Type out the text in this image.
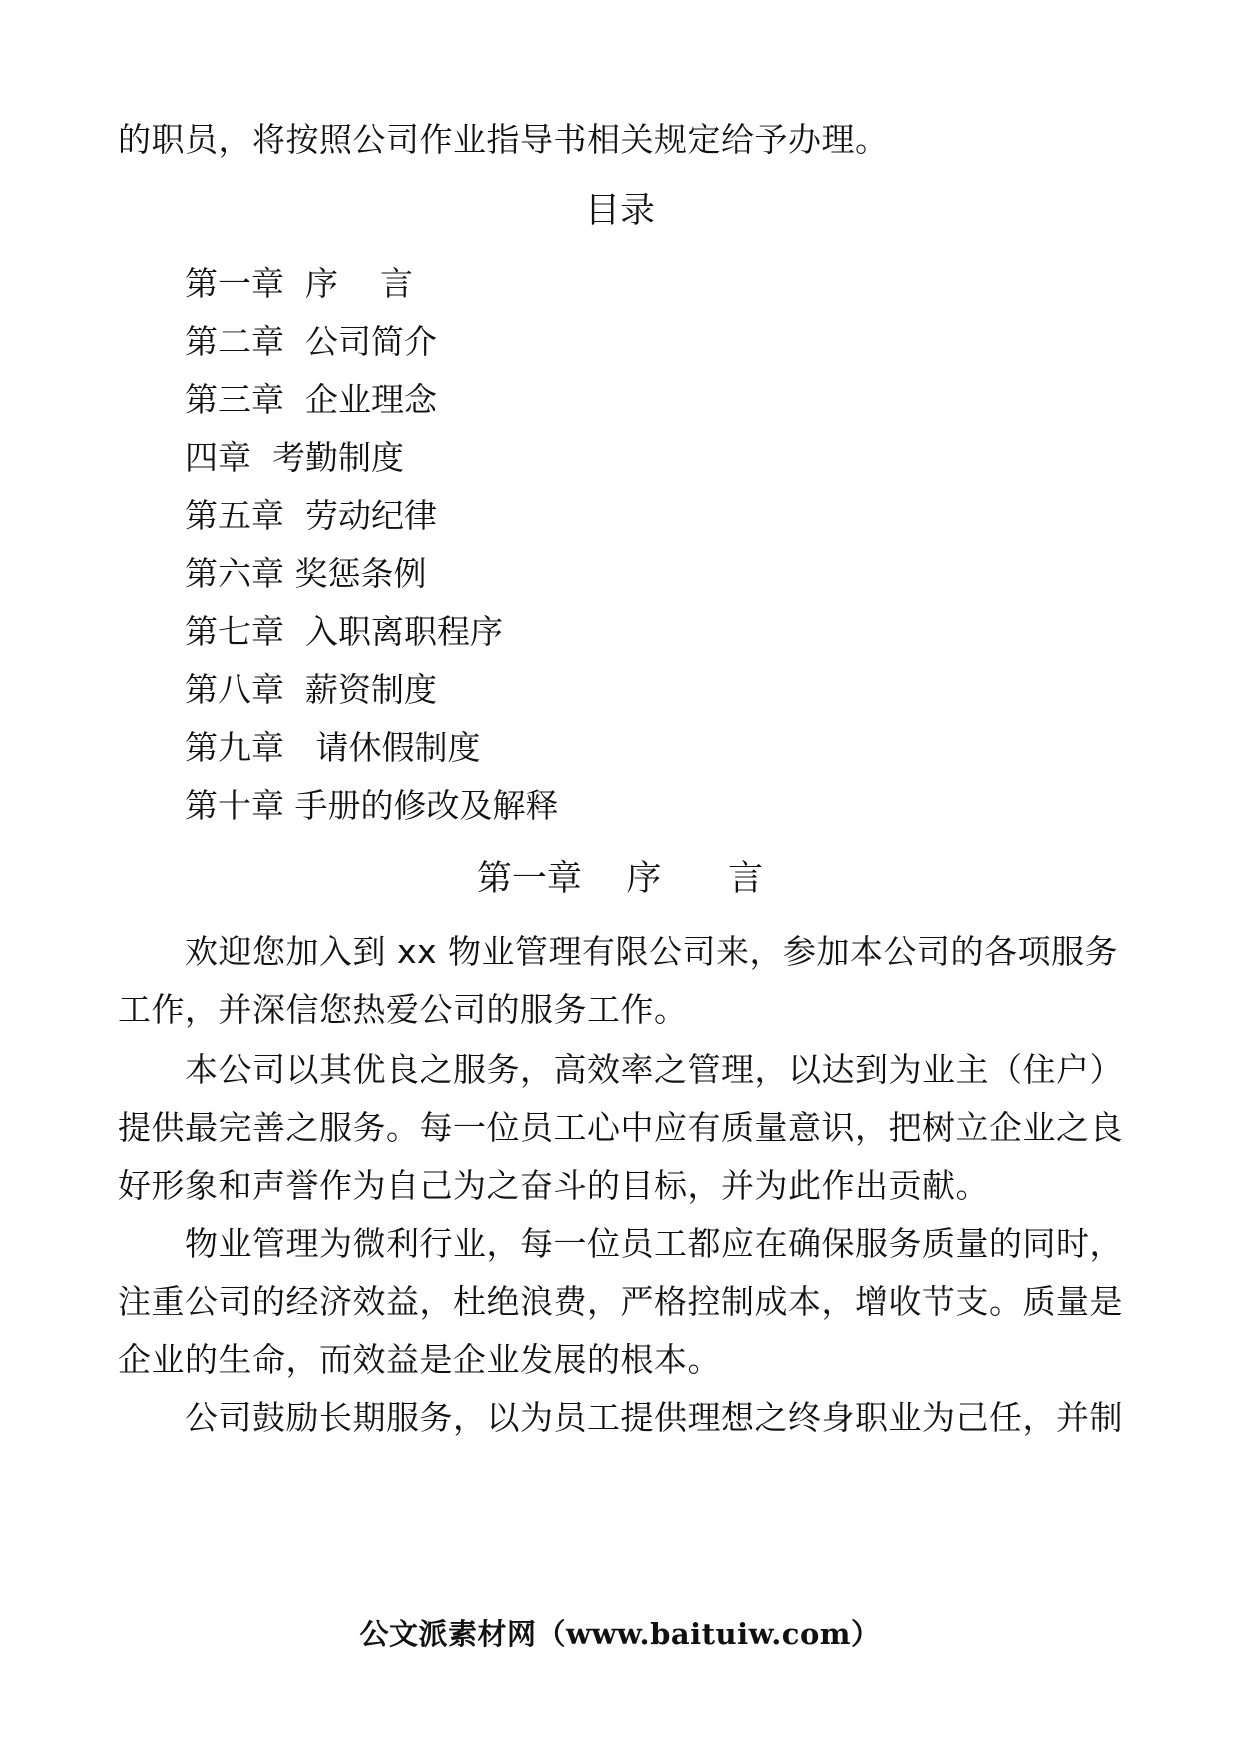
的职员，将按照公司作业指导书相关规定给予办理。
目录
第一章  序    言
第二章  公司简介
第三章  企业理念
四章  考勤制度
第五章  劳动纪律
第六章 奖惩条例
第七章  入职离职程序
第八章  薪资制度
第九章   请休假制度
第十章 手册的修改及解释
第一章    序      言
欢迎您加入到 xx 物业管理有限公司来，参加本公司的各项服务
工作，并深信您热爱公司的服务工作。
本公司以其优良之服务，高效率之管理，以达到为业主（住户）
提供最完善之服务。每一位员工心中应有质量意识，把树立企业之良
好形象和声誉作为自己为之奋斗的目标，并为此作出贡献。
物业管理为微利行业，每一位员工都应在确保服务质量的同时，
注重公司的经济效益，杜绝浪费，严格控制成本，增收节支。质量是
企业的生命，而效益是企业发展的根本。
公司鼓励长期服务，以为员工提供理想之终身职业为己任，并制
公文派素材网（www.baituiw.com）
